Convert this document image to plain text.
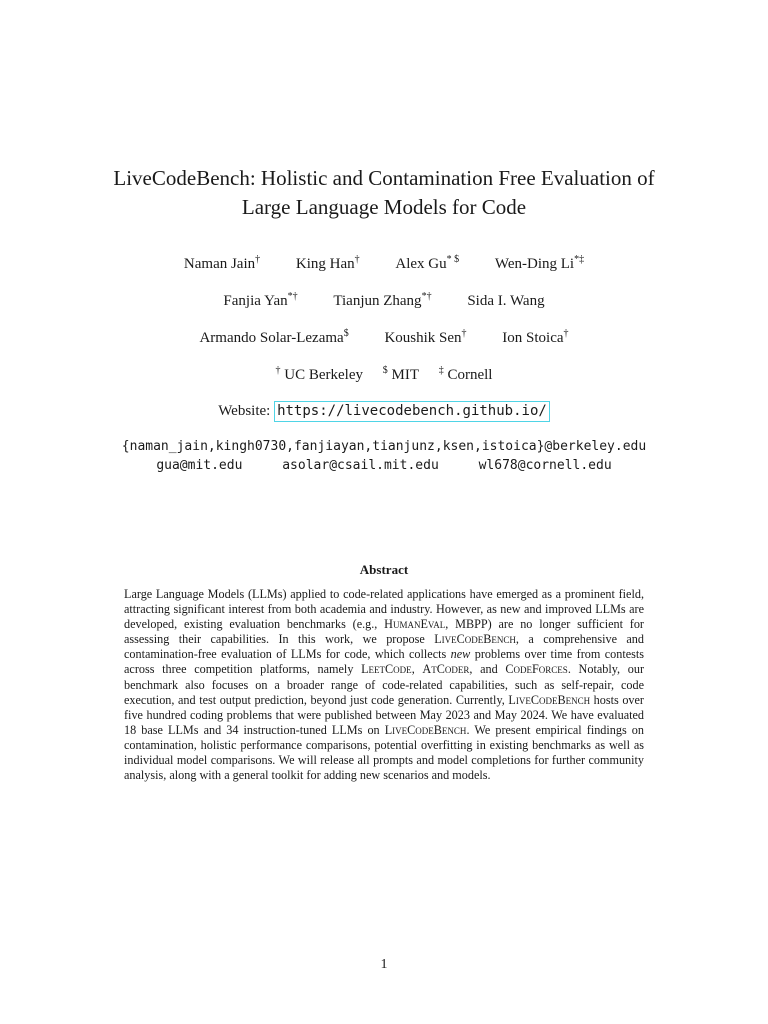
LiveCodeBench: Holistic and Contamination Free Evaluation of
Large Language Models for Code
Naman Jain† King Han† Alex Gu* $ Wen-Ding Li*‡
Fanjia Yan*† Tianjun Zhang*† Sida I. Wang
Armando Solar-Lezama$ Koushik Sen† Ion Stoica†
† UC Berkeley $ MIT ‡ Cornell
Website: https://livecodebench.github.io/
{naman_jain,kingh0730,fanjiayan,tianjunz,ksen,istoica}@berkeley.edu
gua@mit.edu	asolar@csail.mit.edu	wl678@cornell.edu
Abstract
Large Language Models (LLMs) applied to code-related applications have emerged as a prominent field, attracting significant interest from both academia and industry. However, as new and improved LLMs are developed, existing evaluation benchmarks (e.g., HumanEval, MBPP) are no longer sufficient for assessing their capabilities. In this work, we propose LiveCodeBench, a comprehensive and contamination-free evaluation of LLMs for code, which collects new problems over time from contests across three competition platforms, namely LeetCode, AtCoder, and CodeForces. Notably, our benchmark also focuses on a broader range of code-related capabilities, such as self-repair, code execution, and test output prediction, beyond just code generation. Currently, LiveCodeBench hosts over five hundred coding problems that were published between May 2023 and May 2024. We have evaluated 18 base LLMs and 34 instruction-tuned LLMs on LiveCodeBench. We present empirical findings on contamination, holistic performance comparisons, potential overfitting in existing benchmarks as well as individual model comparisons. We will release all prompts and model completions for further community analysis, along with a general toolkit for adding new scenarios and models.
1
